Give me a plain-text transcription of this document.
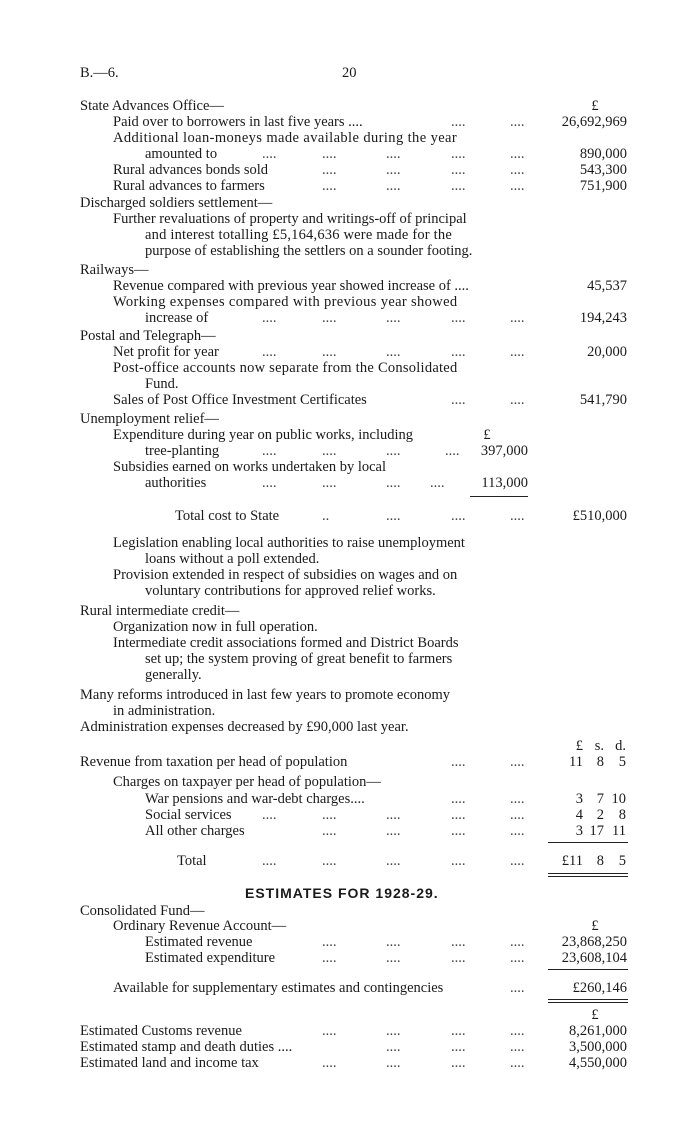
B.—6.	20
State Advances Office—	£
Paid over to borrowers in last five years ....	....	....	26,692,969
Additional loan-moneys made available during the year
amounted to	....	....	....	....	....	890,000
Rural advances bonds sold	....	....	....	....	543,300
Rural advances to farmers	....	....	....	....	751,900
Discharged soldiers settlement—
Further revaluations of property and writings-off of principal
and interest totalling £5,164,636 were made for the
purpose of establishing the settlers on a sounder footing.
Railways—
Revenue compared with previous year showed increase of ....	45,537
Working expenses compared with previous year showed
increase of	....	....	....	....	....	194,243
Postal and Telegraph—
Net profit for year	....	....	....	....	....	20,000
Post-office accounts now separate from the Consolidated
Fund.
Sales of Post Office Investment Certificates	....	....	541,790
Unemployment relief—
Expenditure during year on public works, including	£
tree-planting	....	....	....	.... 397,000
Subsidies earned on works undertaken by local
authorities	....	....	.... ....	113,000
Total cost to State	..	....	....	....	£510,000
Legislation enabling local authorities to raise unemployment
loans without a poll extended.
Provision extended in respect of subsidies on wages and on
voluntary contributions for approved relief works.
Rural intermediate credit—
Organization now in full operation.
Intermediate credit associations formed and District Boards
set up; the system proving of great benefit to farmers
generally.
Many reforms introduced in last few years to promote economy
in administration.
Administration expenses decreased by £90,000 last year.
£ s. d.
Revenue from taxation per head of population	....	....	11 8	5
Charges on taxpayer per head of population—
War pensions and war-debt charges....	....	....	3 7 10
Social services ....	....	....	....	....	4 2	8
All other charges	....	....	....	....	3 17 11
Total	....	....	....	....	....	£11 8	5
ESTIMATES FOR 1928-29.
Consolidated Fund—
Ordinary Revenue Account—	£
Estimated revenue	....	....	....	....	23,868,250
Estimated expenditure	....	....	....	....	23,608,104
Available for supplementary estimates and contingencies	....	£260,146
£
Estimated Customs revenue	....	....	....	....	8,261,000
Estimated stamp and death duties ....	....	....	....	3,500,000
Estimated land and income tax	....	....	....	....	4,550,000
